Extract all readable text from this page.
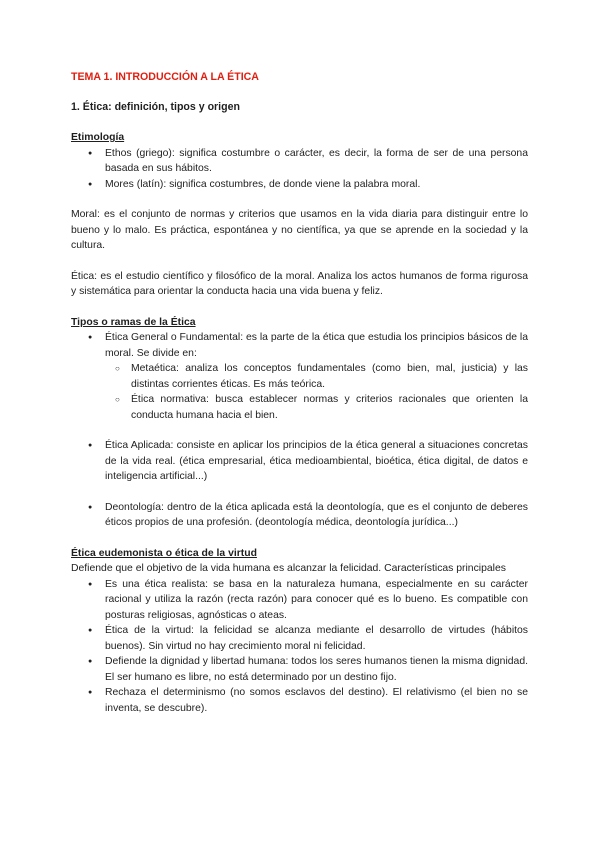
TEMA 1. INTRODUCCIÓN A LA ÉTICA
1. Ética: definición, tipos y origen
Etimología
● Ethos (griego): significa costumbre o carácter, es decir, la forma de ser de una persona basada en sus hábitos.
● Mores (latín): significa costumbres, de donde viene la palabra moral.
Moral: es el conjunto de normas y criterios que usamos en la vida diaria para distinguir entre lo bueno y lo malo. Es práctica, espontánea y no científica, ya que se aprende en la sociedad y la cultura.
Ética: es el estudio científico y filosófico de la moral. Analiza los actos humanos de forma rigurosa y sistemática para orientar la conducta hacia una vida buena y feliz.
Tipos o ramas de la Ética
● Ética General o Fundamental: es la parte de la ética que estudia los principios básicos de la moral. Se divide en:
○ Metaética: analiza los conceptos fundamentales (como bien, mal, justicia) y las distintas corrientes éticas. Es más teórica.
○ Ética normativa: busca establecer normas y criterios racionales que orienten la conducta humana hacia el bien.
● Ética Aplicada: consiste en aplicar los principios de la ética general a situaciones concretas de la vida real. (ética empresarial, ética medioambiental, bioética, ética digital, de datos e inteligencia artificial...)
● Deontología: dentro de la ética aplicada está la deontología, que es el conjunto de deberes éticos propios de una profesión. (deontología médica, deontología jurídica...)
Ética eudemonista o ética de la virtud
Defiende que el objetivo de la vida humana es alcanzar la felicidad. Características principales
● Es una ética realista: se basa en la naturaleza humana, especialmente en su carácter racional y utiliza la razón (recta razón) para conocer qué es lo bueno. Es compatible con posturas religiosas, agnósticas o ateas.
● Ética de la virtud: la felicidad se alcanza mediante el desarrollo de virtudes (hábitos buenos). Sin virtud no hay crecimiento moral ni felicidad.
● Defiende la dignidad y libertad humana: todos los seres humanos tienen la misma dignidad. El ser humano es libre, no está determinado por un destino fijo.
● Rechaza el determinismo (no somos esclavos del destino). El relativismo (el bien no se inventa, se descubre).
